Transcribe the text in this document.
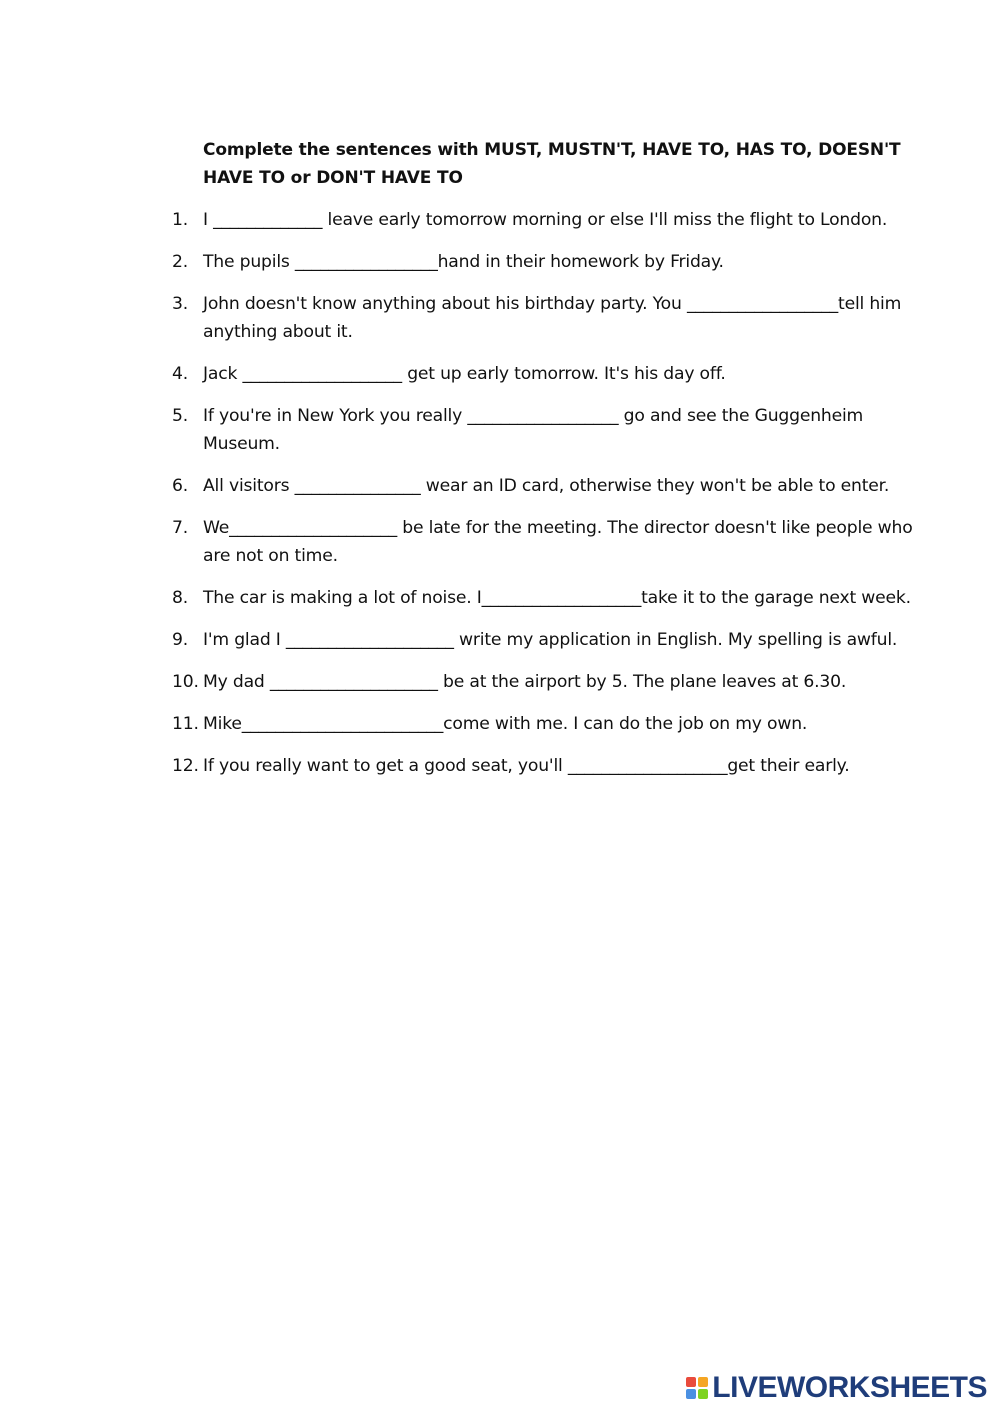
Complete the sentences with MUST, MUSTN'T, HAVE TO, HAS TO, DOESN'T HAVE TO or DON'T HAVE TO
1. I _____________ leave early tomorrow morning or else I'll miss the flight to London.
2. The pupils _________________hand in their homework by Friday.
3. John doesn't know anything about his birthday party. You __________________tell him anything about it.
4. Jack ___________________ get up early tomorrow. It's his day off.
5. If you're in New York you really __________________ go and see the Guggenheim Museum.
6. All visitors _______________ wear an ID card, otherwise they won't be able to enter.
7. We____________________ be late for the meeting. The director doesn't like people who are not on time.
8. The car is making a lot of noise. I___________________take it to the garage next week.
9. I'm glad I ____________________ write my application in English. My spelling is awful.
10. My dad ____________________ be at the airport by 5. The plane leaves at 6.30.
11. Mike________________________come with me. I can do the job on my own.
12. If you really want to get a good seat, you'll ___________________get their early.
LIVEWORKSHEETS
